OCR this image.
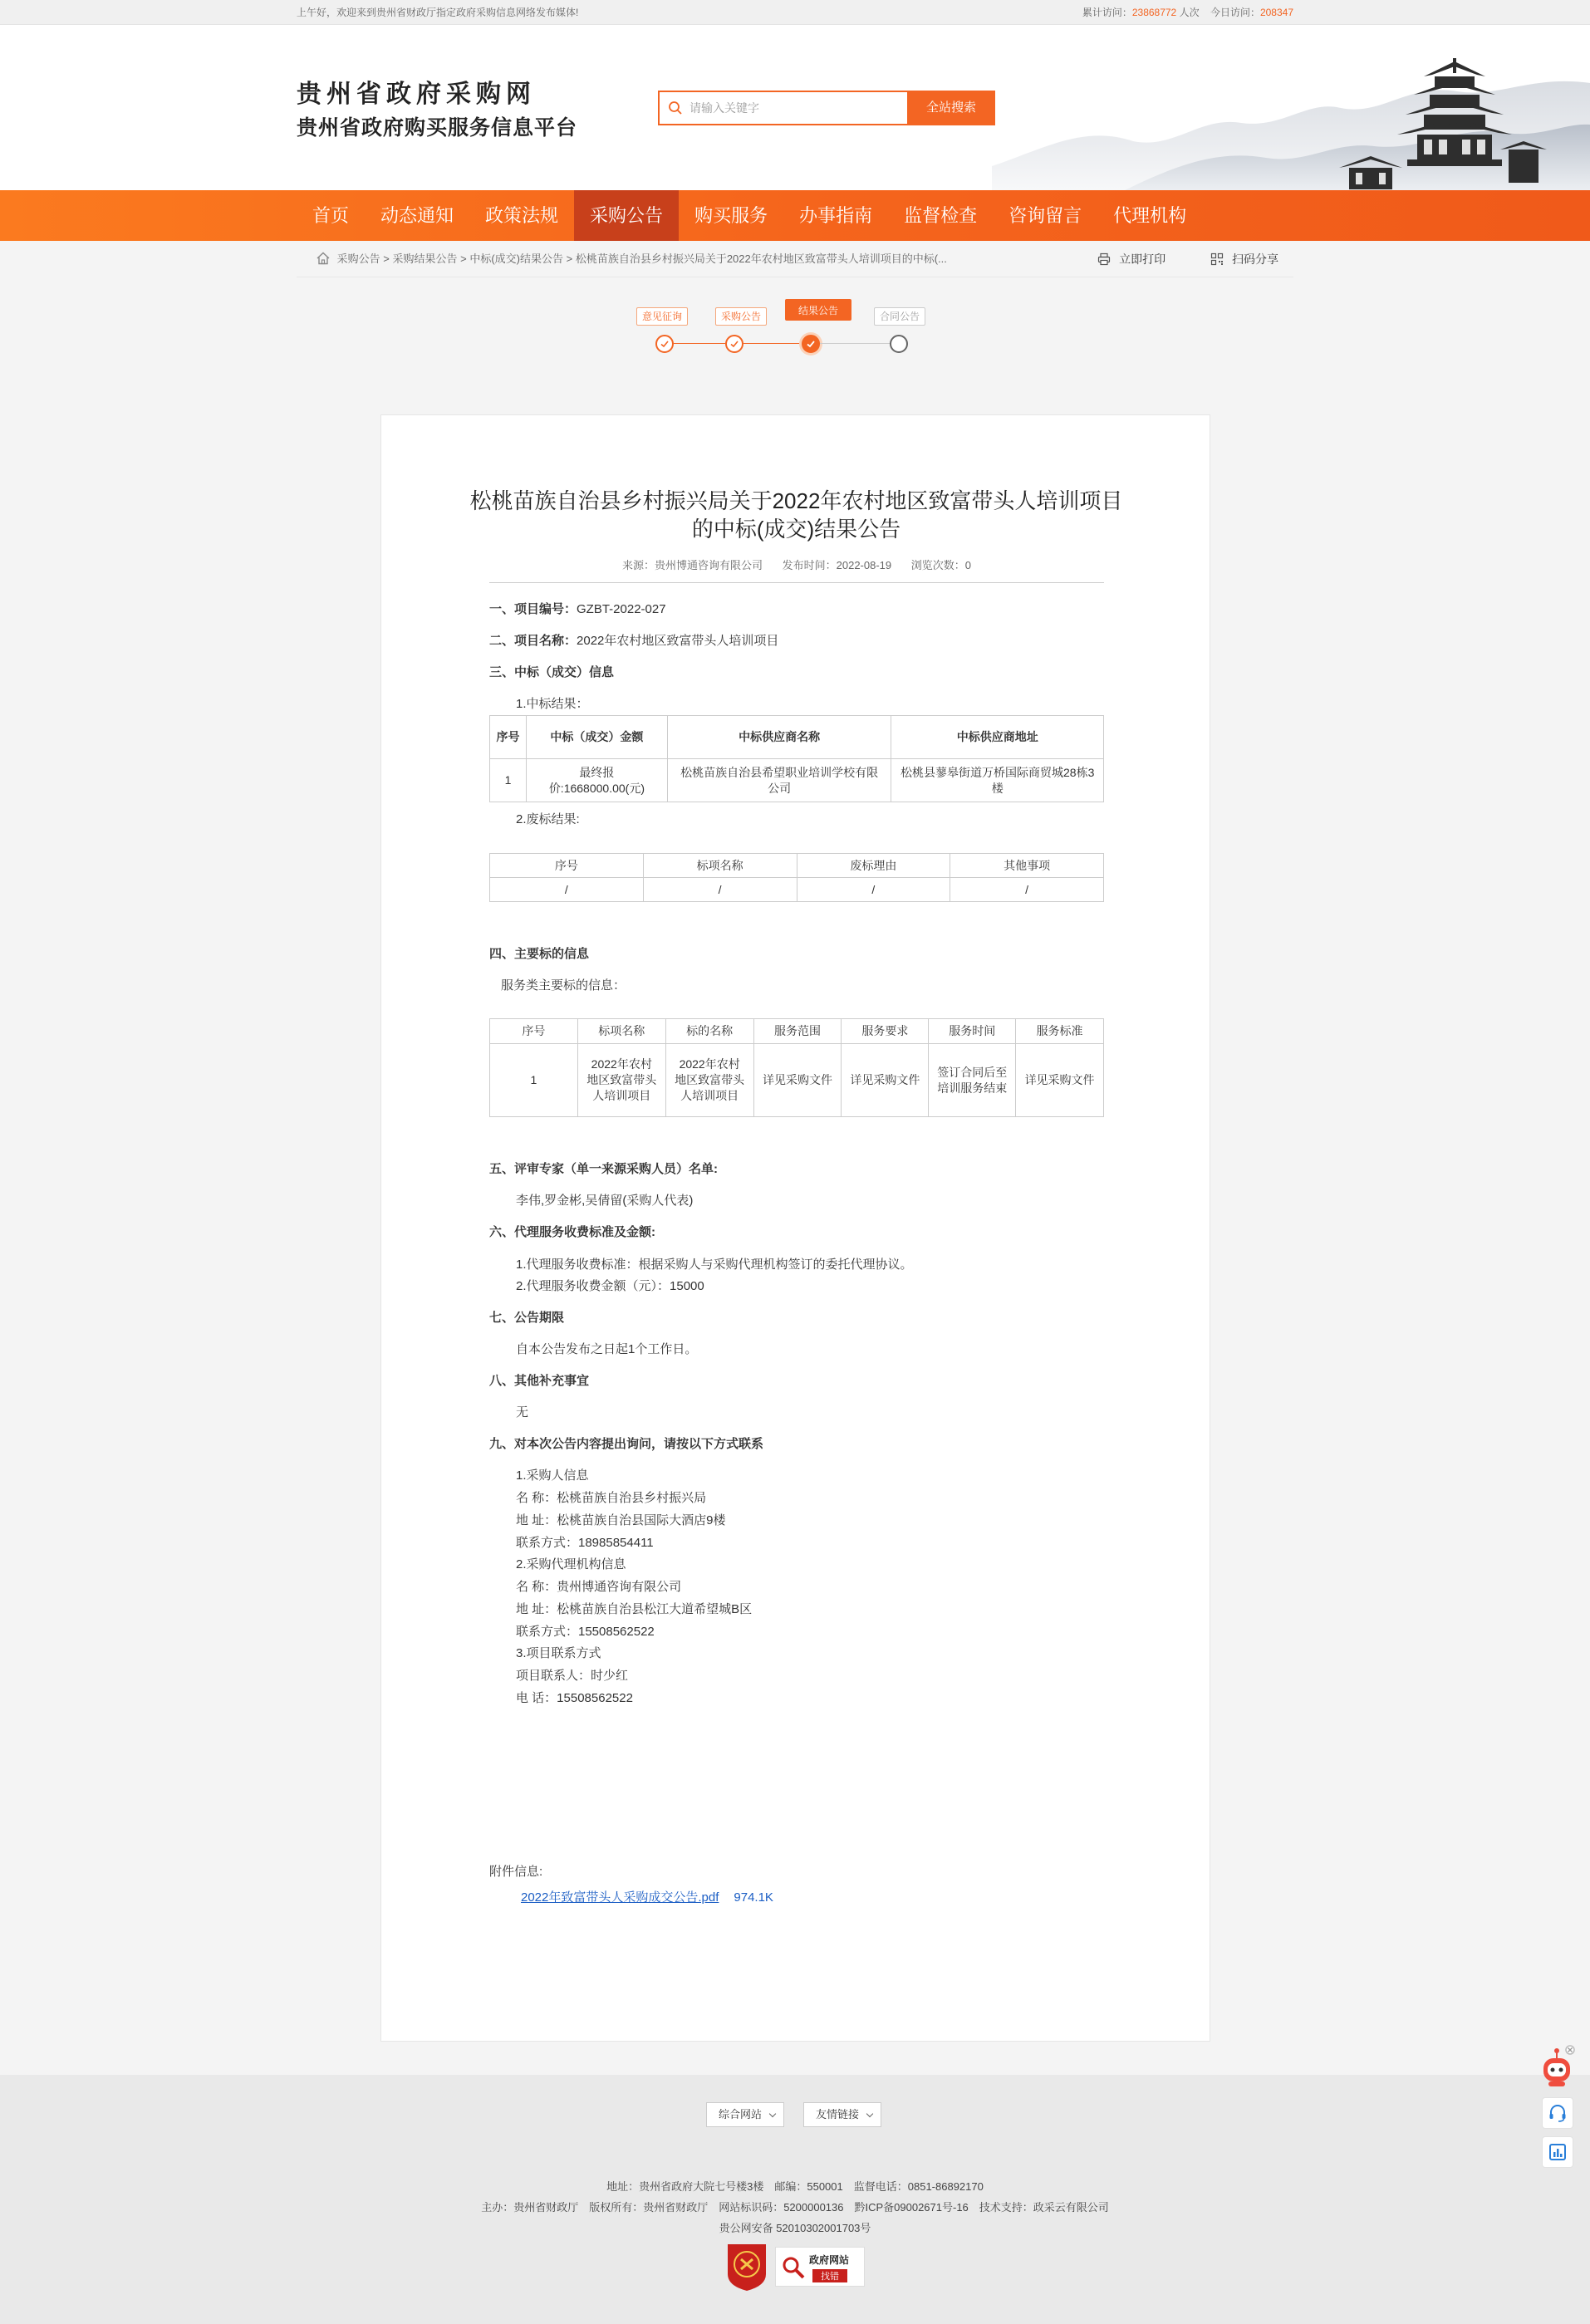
上午好，欢迎来到贵州省财政厅指定政府采购信息网络发布媒体!	累计访问：23868772 人次 今日访问：208347
贵州省政府采购网
贵州省政府购买服务信息平台
请输入关键字
全站搜索
首页	动态通知	政策法规	采购公告	购买服务	办事指南	监督检查	咨询留言	代理机构
采购公告 > 采购结果公告 > 中标(成交)结果公告 > 松桃苗族自治县乡村振兴局关于2022年农村地区致富带头人培训项目的中标(...	立即打印	扫码分享
意见征询	采购公告	结果公告	合同公告
松桃苗族自治县乡村振兴局关于2022年农村地区致富带头人培训项目
的中标(成交)结果公告
来源：贵州博通咨询有限公司 发布时间：2022-08-19 浏览次数：0
一、项目编号：GZBT-2022-027
二、项目名称：2022年农村地区致富带头人培训项目
三、中标（成交）信息
1.中标结果：
序号	中标（成交）金额	中标供应商名称	中标供应商地址
1	最终报价:1668000.00(元)	松桃苗族自治县希望职业培训学校有限公司	松桃县蓼皋街道万桥国际商贸城28栋3楼
2.废标结果:
序号	标项名称	废标理由	其他事项
/	/	/	/
四、主要标的信息
服务类主要标的信息：
序号	标项名称	标的名称	服务范围	服务要求	服务时间	服务标准
1	2022年农村地区致富带头人培训项目	2022年农村地区致富带头人培训项目	详见采购文件	详见采购文件	签订合同后至培训服务结束	详见采购文件
五、评审专家（单一来源采购人员）名单:
李伟,罗金彬,吴倩留(采购人代表)
六、代理服务收费标准及金额:
1.代理服务收费标准：根据采购人与采购代理机构签订的委托代理协议。
2.代理服务收费金额（元）：15000
七、公告期限
自本公告发布之日起1个工作日。
八、其他补充事宜
无
九、对本次公告内容提出询问，请按以下方式联系
1.采购人信息
名 称：松桃苗族自治县乡村振兴局
地 址：松桃苗族自治县国际大酒店9楼
联系方式：18985854411
2.采购代理机构信息
名 称：贵州博通咨询有限公司
地 址：松桃苗族自治县松江大道希望城B区
联系方式：15508562522
3.项目联系方式
项目联系人：时少红
电 话：15508562522
附件信息:
2022年致富带头人采购成交公告.pdf 974.1K
综合网站	友情链接
地址：贵州省政府大院七号楼3楼　邮编：550001　监督电话：0851-86892170
主办：贵州省财政厅　版权所有：贵州省财政厅　网站标识码：5200000136　黔ICP备09002671号-16　技术支持：政采云有限公司
贵公网安备 52010302001703号
政府网站
找错
